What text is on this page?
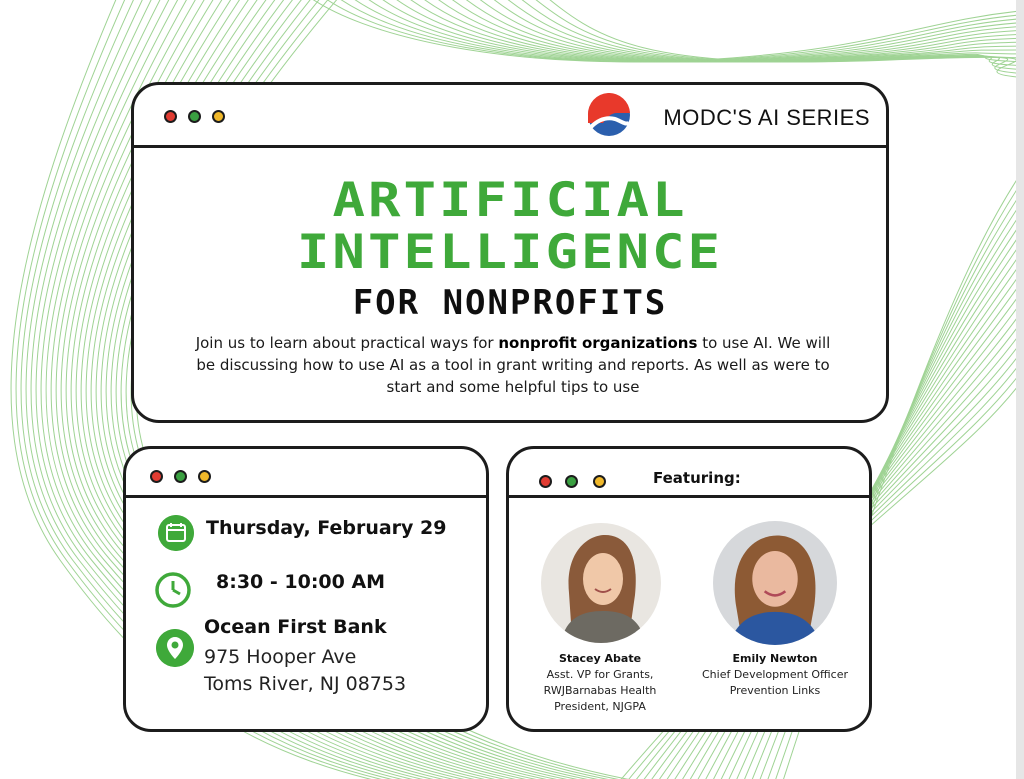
MODC'S AI SERIES
ARTIFICIAL
INTELLIGENCE
FOR NONPROFITS
Join us to learn about practical ways for nonprofit organizations to use AI. We will be discussing how to use AI as a tool in grant writing and reports. As well as were to start and some helpful tips to use
Thursday, February 29
8:30 - 10:00 AM
Ocean First Bank
975 Hooper Ave
Toms River, NJ 08753
Featuring:
Stacey Abate
Asst. VP for Grants,
RWJBarnabas Health
President, NJGPA
Emily Newton
Chief Development Officer
Prevention Links
